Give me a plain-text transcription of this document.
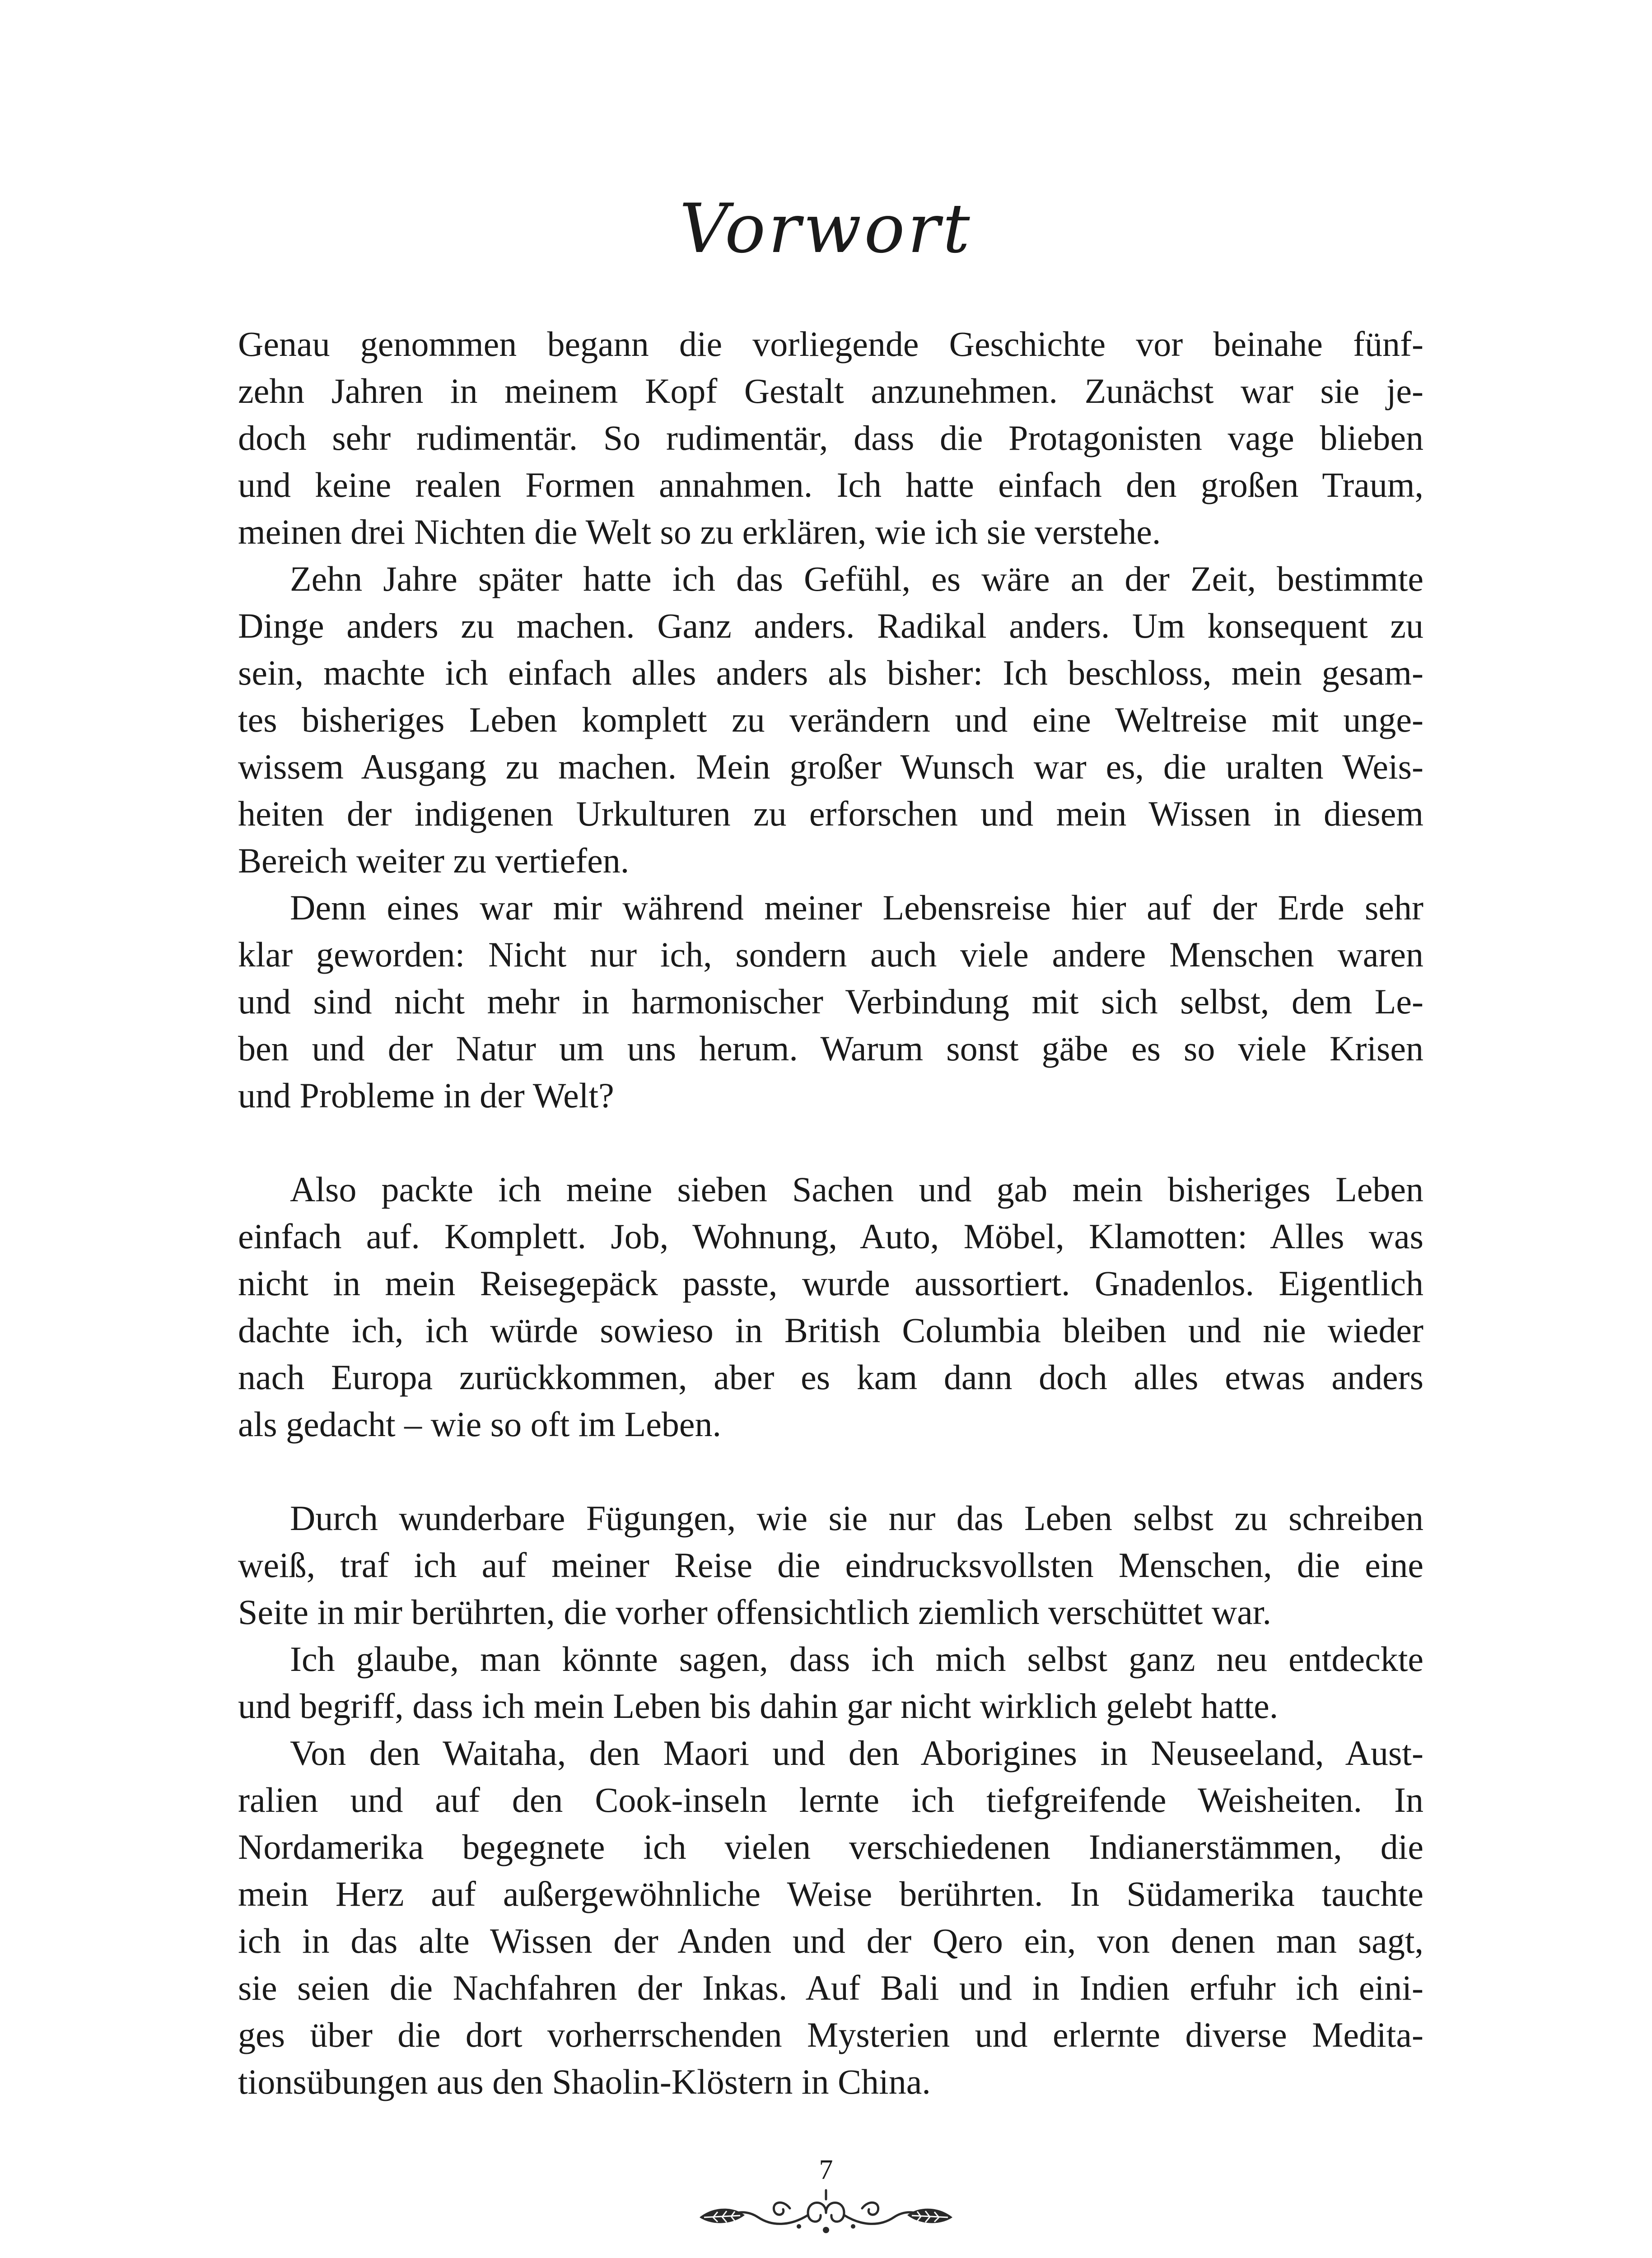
Vorwort
Genau genommen begann die vorliegende Geschichte vor beinahe fünf-
zehn Jahren in meinem Kopf Gestalt anzunehmen. Zunächst war sie je-
doch sehr rudimentär. So rudimentär, dass die Protagonisten vage blieben
und keine realen Formen annahmen. Ich hatte einfach den großen Traum,
meinen drei Nichten die Welt so zu erklären, wie ich sie verstehe.
Zehn Jahre später hatte ich das Gefühl, es wäre an der Zeit, bestimmte
Dinge anders zu machen. Ganz anders. Radikal anders. Um konsequent zu
sein, machte ich einfach alles anders als bisher: Ich beschloss, mein gesam-
tes bisheriges Leben komplett zu verändern und eine Weltreise mit unge-
wissem Ausgang zu machen. Mein großer Wunsch war es, die uralten Weis-
heiten der indigenen Urkulturen zu erforschen und mein Wissen in diesem
Bereich weiter zu vertiefen.
Denn eines war mir während meiner Lebensreise hier auf der Erde sehr
klar geworden: Nicht nur ich, sondern auch viele andere Menschen waren
und sind nicht mehr in harmonischer Verbindung mit sich selbst, dem Le-
ben und der Natur um uns herum. Warum sonst gäbe es so viele Krisen
und Probleme in der Welt?
Also packte ich meine sieben Sachen und gab mein bisheriges Leben
einfach auf. Komplett. Job, Wohnung, Auto, Möbel, Klamotten: Alles was
nicht in mein Reisegepäck passte, wurde aussortiert. Gnadenlos. Eigentlich
dachte ich, ich würde sowieso in British Columbia bleiben und nie wieder
nach Europa zurückkommen, aber es kam dann doch alles etwas anders
als gedacht – wie so oft im Leben.
Durch wunderbare Fügungen, wie sie nur das Leben selbst zu schreiben
weiß, traf ich auf meiner Reise die eindrucksvollsten Menschen, die eine
Seite in mir berührten, die vorher offensichtlich ziemlich verschüttet war.
Ich glaube, man könnte sagen, dass ich mich selbst ganz neu entdeckte
und begriff, dass ich mein Leben bis dahin gar nicht wirklich gelebt hatte.
Von den Waitaha, den Maori und den Aborigines in Neuseeland, Aust-
ralien und auf den Cook-inseln lernte ich tiefgreifende Weisheiten. In
Nordamerika begegnete ich vielen verschiedenen Indianerstämmen, die
mein Herz auf außergewöhnliche Weise berührten. In Südamerika tauchte
ich in das alte Wissen der Anden und der Qero ein, von denen man sagt,
sie seien die Nachfahren der Inkas. Auf Bali und in Indien erfuhr ich eini-
ges über die dort vorherrschenden Mysterien und erlernte diverse Medita-
tionsübungen aus den Shaolin-Klöstern in China.
7
